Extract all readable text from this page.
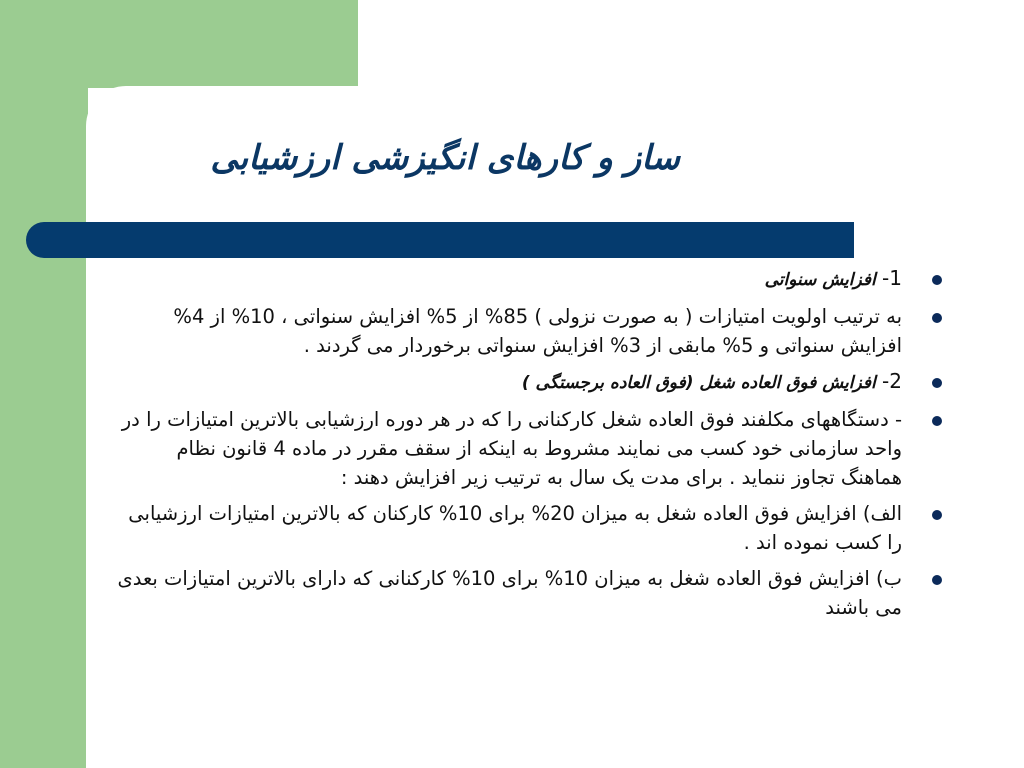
ساز و کارهای انگیزشی ارزشیابی
1- افزایش سنواتی
به ترتیب اولویت امتیازات ( به صورت نزولی ) 85% از 5% افزایش سنواتی ، 10% از 4% افزایش سنواتی و 5% مابقی از 3% افزایش سنواتی برخوردار می گردند .
2- افزایش فوق العاده شغل (فوق العاده برجستگی )
- دستگاههای مکلفند فوق العاده شغل کارکنانی را که در هر دوره ارزشیابی بالاترین امتیازات را در واحد سازمانی خود کسب می نمایند مشروط به اینکه از سقف مقرر در ماده 4 قانون نظام هماهنگ تجاوز ننماید . برای مدت یک سال به ترتیب زیر افزایش دهند :
الف) افزایش فوق العاده شغل به میزان 20% برای 10% کارکنان که بالاترین امتیازات ارزشیابی را کسب نموده اند .
ب) افزایش فوق العاده شغل به میزان 10% برای 10% کارکنانی که دارای بالاترین امتیازات بعدی می باشند
